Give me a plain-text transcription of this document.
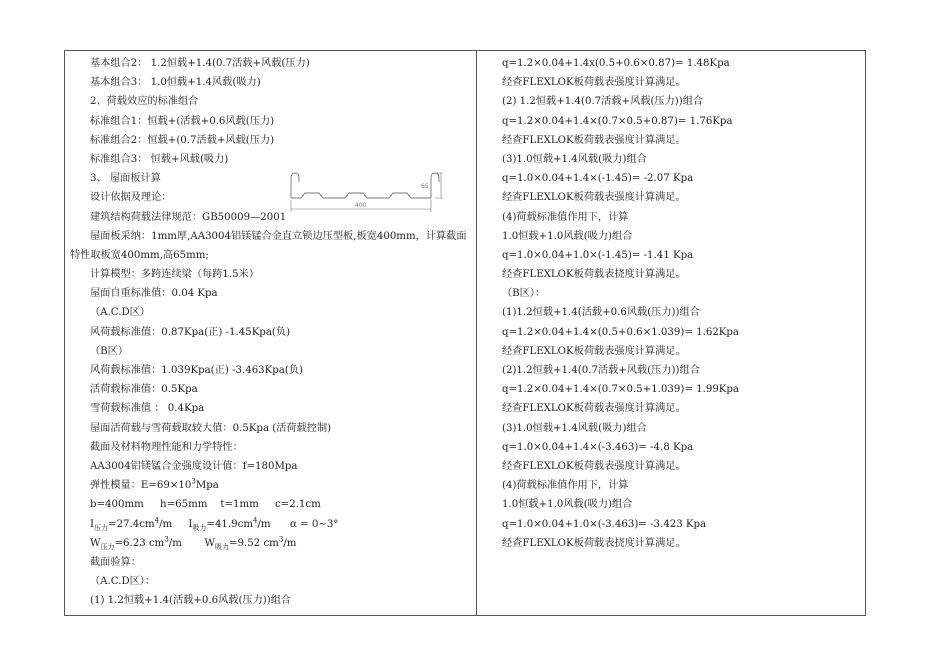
基本组合2： 1.2恒载+1.4(0.7活载+风载(压力)
基本组合3： 1.0恒载+1.4风载(吸力)
2、荷载效应的标准组合
标准组合1：恒载+(活载+0.6风载(压力)
标准组合2：恒载+(0.7活载+风载(压力)
标准组合3： 恒载+风载(吸力)
3、 屋面板计算
设计依据及理论：
建筑结构荷载法律规范：GB50009—2001
屋面板采纳：1mm厚,AA3004铝镁锰合金直立锁边压型板,板宽400mm，计算截面特性取板宽400mm,高65mm;
计算模型：多跨连续梁（每跨1.5米）
屋面自重标准值：0.04 Kpa
（A.C.D区）
风荷载标准值：0.87Kpa(正) -1.45Kpa(负)
（B区）
风荷载标准值：1.039Kpa(正) -3.463Kpa(负)
活荷载标准值：0.5Kpa
雪荷载标准值 ： 0.4Kpa
屋面活荷载与雪荷载取较大值：0.5Kpa (活荷载控制)
截面及材料物理性能和力学特性：
AA3004铝镁锰合金强度设计值：f=180Mpa
弹性模量：$E=69\times 10^3Mpa$
b=400mm     h=65mm    t=1mm     c=2.1cm
$I_{压力}=27.4cm^4/m$     $I_{吸力}=41.9cm^4/m$      α = 0~3°
$W_{压力}=6.23$ $cm^3/m$       $W_{吸力}=9.52$ $cm^3/m$
截面验算：
（A.C.D区）：
(1) 1.2恒载+1.4(活载+0.6风载(压力))组合
65
400
q=1.2×0.04+1.4x(0.5+0.6×0.87)= 1.48Kpa
经查FLEXLOK板荷载表强度计算满足。
(2) 1.2恒载+1.4(0.7活载+风载(压力))组合
q=1.2×0.04+1.4×(0.7×0.5+0.87)= 1.76Kpa
经查FLEXLOK板荷载表强度计算满足。
(3)1.0恒载+1.4风载(吸力)组合
q=1.0×0.04+1.4×(-1.45)= -2.07 Kpa
经查FLEXLOK板荷载表强度计算满足。
(4)荷载标准值作用下，计算
1.0恒载+1.0风载(吸力)组合
q=1.0×0.04+1.0×(-1.45)= -1.41 Kpa
经查FLEXLOK板荷载表挠度计算满足。
（B区）：
(1)1.2恒载+1.4(活载+0.6风载(压力))组合
q=1.2×0.04+1.4×(0.5+0.6×1.039)= 1.62Kpa
经查FLEXLOK板荷载表强度计算满足。
(2)1.2恒载+1.4(0.7活载+风载(压力))组合
q=1.2×0.04+1.4×(0.7×0.5+1.039)= 1.99Kpa
经查FLEXLOK板荷载表强度计算满足。
(3)1.0恒载+1.4风载(吸力)组合
q=1.0×0.04+1.4×(-3.463)= -4.8 Kpa
经查FLEXLOK板荷载表强度计算满足。
(4)荷载标准值作用下，计算
1.0恒载+1.0风载(吸力)组合
q=1.0×0.04+1.0×(-3.463)= -3.423 Kpa
经查FLEXLOK板荷载表挠度计算满足。
